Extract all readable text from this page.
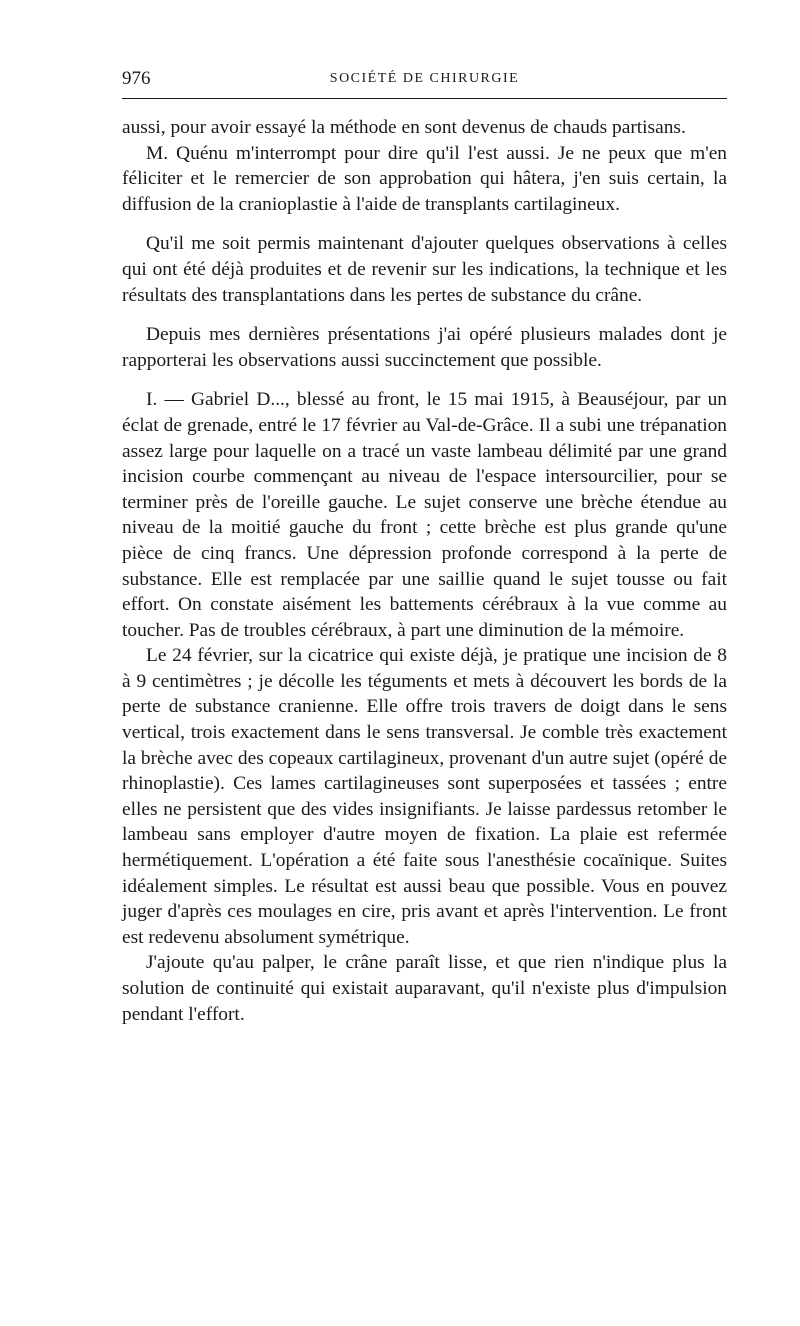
976	SOCIÉTÉ DE CHIRURGIE

aussi, pour avoir essayé la méthode en sont devenus de chauds partisans.

M. Quénu m'interrompt pour dire qu'il l'est aussi. Je ne peux que m'en féliciter et le remercier de son approbation qui hâtera, j'en suis certain, la diffusion de la cranioplastie à l'aide de transplants cartilagineux.

Qu'il me soit permis maintenant d'ajouter quelques observations à celles qui ont été déjà produites et de revenir sur les indications, la technique et les résultats des transplantations dans les pertes de substance du crâne.

Depuis mes dernières présentations j'ai opéré plusieurs malades dont je rapporterai les observations aussi succinctement que possible.

I. — Gabriel D..., blessé au front, le 15 mai 1915, à Beauséjour, par un éclat de grenade, entré le 17 février au Val-de-Grâce. Il a subi une trépanation assez large pour laquelle on a tracé un vaste lambeau délimité par une grand incision courbe commençant au niveau de l'espace intersourcilier, pour se terminer près de l'oreille gauche. Le sujet conserve une brèche étendue au niveau de la moitié gauche du front ; cette brèche est plus grande qu'une pièce de cinq francs. Une dépression profonde correspond à la perte de substance. Elle est remplacée par une saillie quand le sujet tousse ou fait effort. On constate aisément les battements cérébraux à la vue comme au toucher. Pas de troubles cérébraux, à part une diminution de la mémoire.

Le 24 février, sur la cicatrice qui existe déjà, je pratique une incision de 8 à 9 centimètres ; je décolle les téguments et mets à découvert les bords de la perte de substance cranienne. Elle offre trois travers de doigt dans le sens vertical, trois exactement dans le sens transversal. Je comble très exactement la brèche avec des copeaux cartilagineux, provenant d'un autre sujet (opéré de rhinoplastie). Ces lames cartilagineuses sont superposées et tassées ; entre elles ne persistent que des vides insignifiants. Je laisse pardessus retomber le lambeau sans employer d'autre moyen de fixation. La plaie est refermée hermétiquement. L'opération a été faite sous l'anesthésie cocaïnique. Suites idéalement simples. Le résultat est aussi beau que possible. Vous en pouvez juger d'après ces moulages en cire, pris avant et après l'intervention. Le front est redevenu absolument symétrique.

J'ajoute qu'au palper, le crâne paraît lisse, et que rien n'indique plus la solution de continuité qui existait auparavant, qu'il n'existe plus d'impulsion pendant l'effort.
